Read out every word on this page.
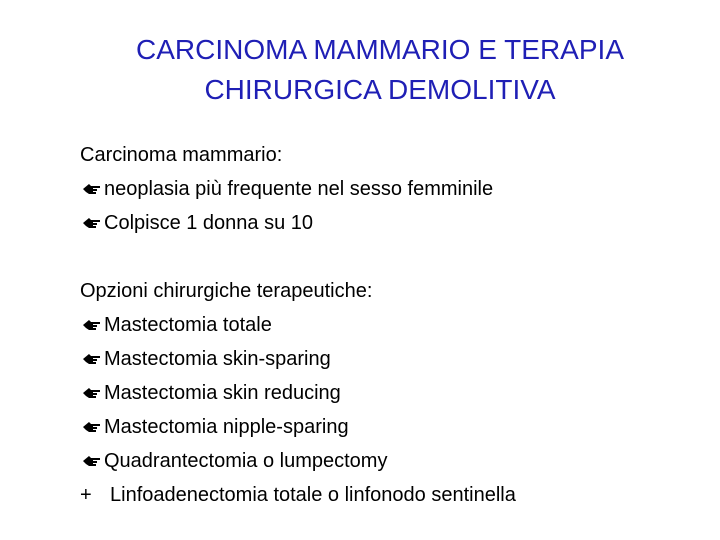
CARCINOMA MAMMARIO E TERAPIA
CHIRURGICA DEMOLITIVA
Carcinoma mammario:
neoplasia più frequente nel sesso femminile
Colpisce 1 donna su 10
Opzioni chirurgiche terapeutiche:
Mastectomia totale
Mastectomia skin-sparing
Mastectomia skin reducing
Mastectomia nipple-sparing
Quadrantectomia o lumpectomy
+ Linfoadenectomia totale o linfonodo sentinella
